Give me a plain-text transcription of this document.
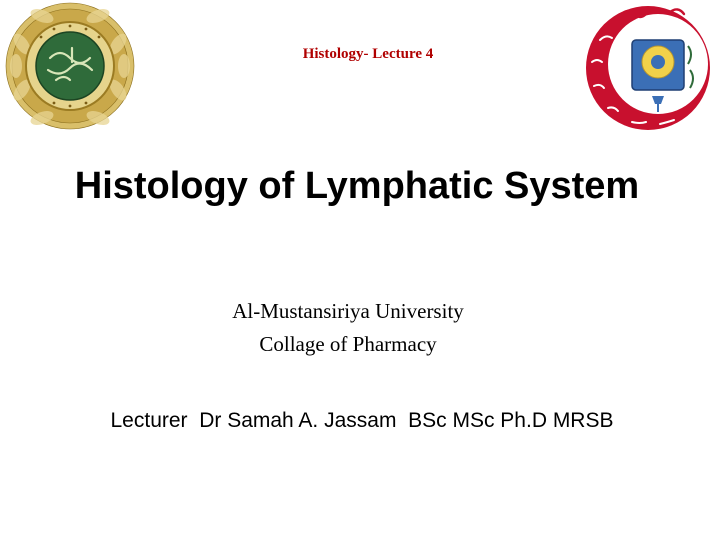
Histology- Lecture 4
Histology of Lymphatic System
Al-Mustansiriya University
Collage of Pharmacy
Lecturer  Dr Samah A. Jassam  BSc MSc Ph.D MRSB
